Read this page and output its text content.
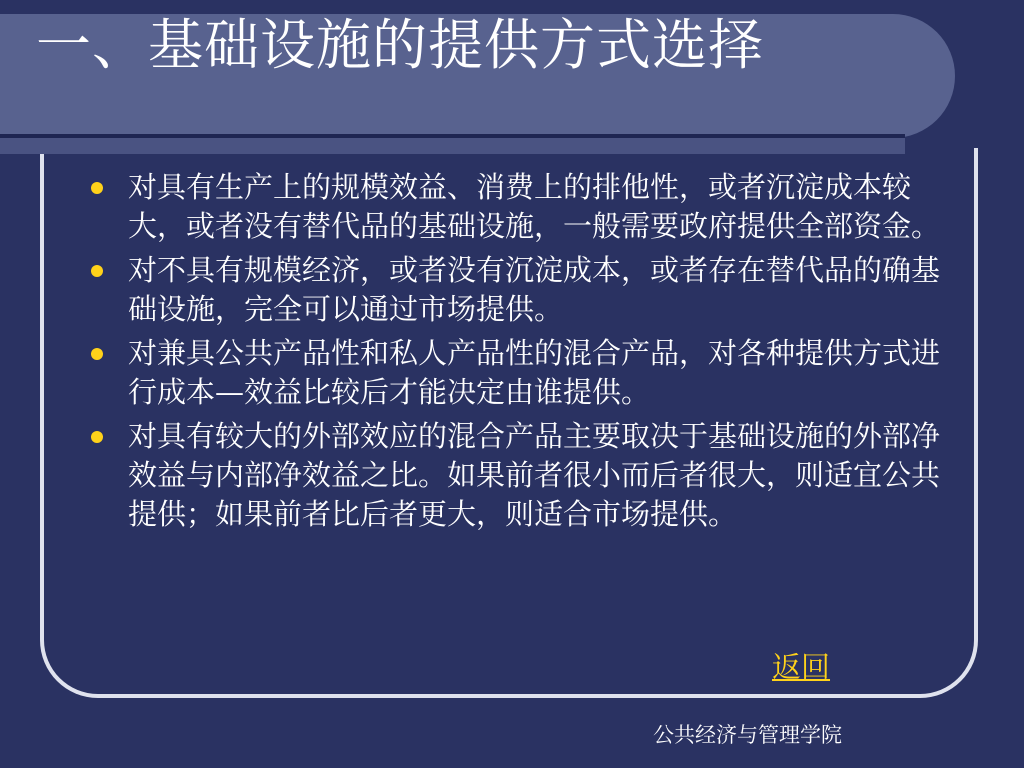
一、基础设施的提供方式选择
对具有生产上的规模效益、消费上的排他性，或者沉淀成本较大，或者没有替代品的基础设施，一般需要政府提供全部资金。
对不具有规模经济，或者没有沉淀成本，或者存在替代品的确基础设施，完全可以通过市场提供。
对兼具公共产品性和私人产品性的混合产品，对各种提供方式进行成本—效益比较后才能决定由谁提供。
对具有较大的外部效应的混合产品主要取决于基础设施的外部净效益与内部净效益之比。如果前者很小而后者很大，则适宜公共提供；如果前者比后者更大，则适合市场提供。
返回
公共经济与管理学院
